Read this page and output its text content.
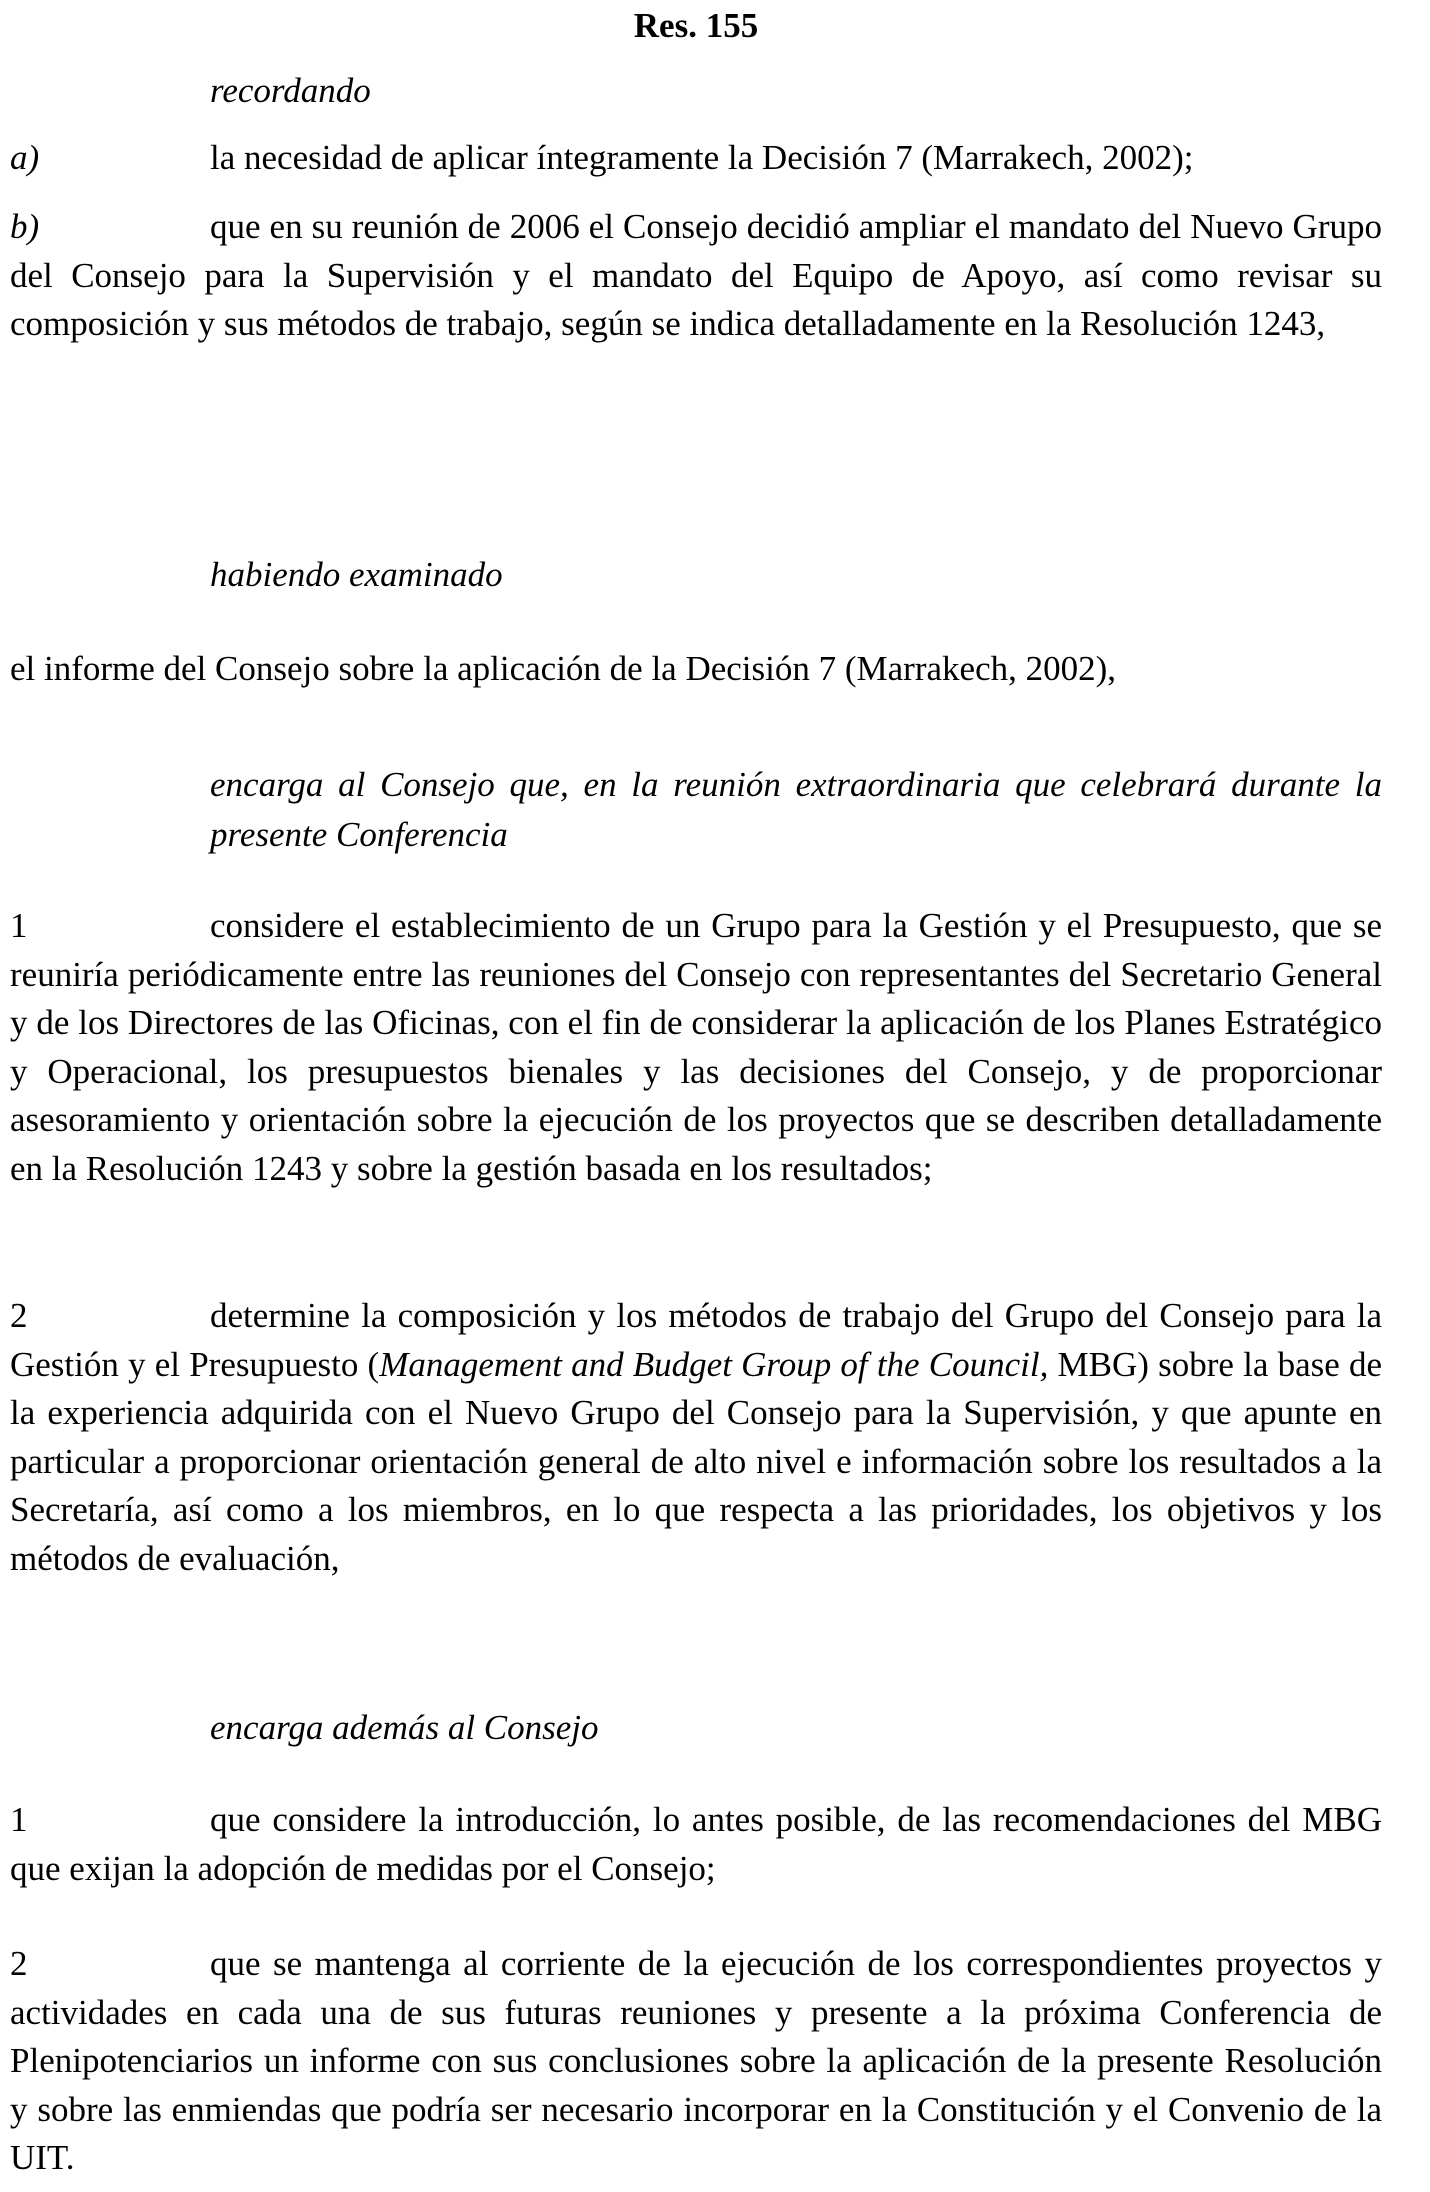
Res. 155
recordando
a)	la necesidad de aplicar íntegramente la Decisión 7 (Marrakech, 2002);
b)	que en su reunión de 2006 el Consejo decidió ampliar el mandato del Nuevo Grupo del Consejo para la Supervisión y el mandato del Equipo de Apoyo, así como revisar su composición y sus métodos de trabajo, según se indica detalladamente en la Resolución 1243,
habiendo examinado
el informe del Consejo sobre la aplicación de la Decisión 7 (Marrakech, 2002),
encarga al Consejo que, en la reunión extraordinaria que celebrará durante la presente Conferencia
1	considere el establecimiento de un Grupo para la Gestión y el Presupuesto, que se reuniría periódicamente entre las reuniones del Consejo con representantes del Secretario General y de los Directores de las Oficinas, con el fin de considerar la aplicación de los Planes Estratégico y Operacional, los presupuestos bienales y las decisiones del Consejo, y de proporcionar asesoramiento y orientación sobre la ejecución de los proyectos que se describen detalladamente en la Resolución 1243 y sobre la gestión basada en los resultados;
2	determine la composición y los métodos de trabajo del Grupo del Consejo para la Gestión y el Presupuesto (Management and Budget Group of the Council, MBG) sobre la base de la experiencia adquirida con el Nuevo Grupo del Consejo para la Supervisión, y que apunte en particular a proporcionar orientación general de alto nivel e información sobre los resultados a la Secretaría, así como a los miembros, en lo que respecta a las prioridades, los objetivos y los métodos de evaluación,
encarga además al Consejo
1	que considere la introducción, lo antes posible, de las recomendaciones del MBG que exijan la adopción de medidas por el Consejo;
2	que se mantenga al corriente de la ejecución de los correspondientes proyectos y actividades en cada una de sus futuras reuniones y presente a la próxima Conferencia de Plenipotenciarios un informe con sus conclusiones sobre la aplicación de la presente Resolución y sobre las enmiendas que podría ser necesario incorporar en la Constitución y el Convenio de la UIT.
